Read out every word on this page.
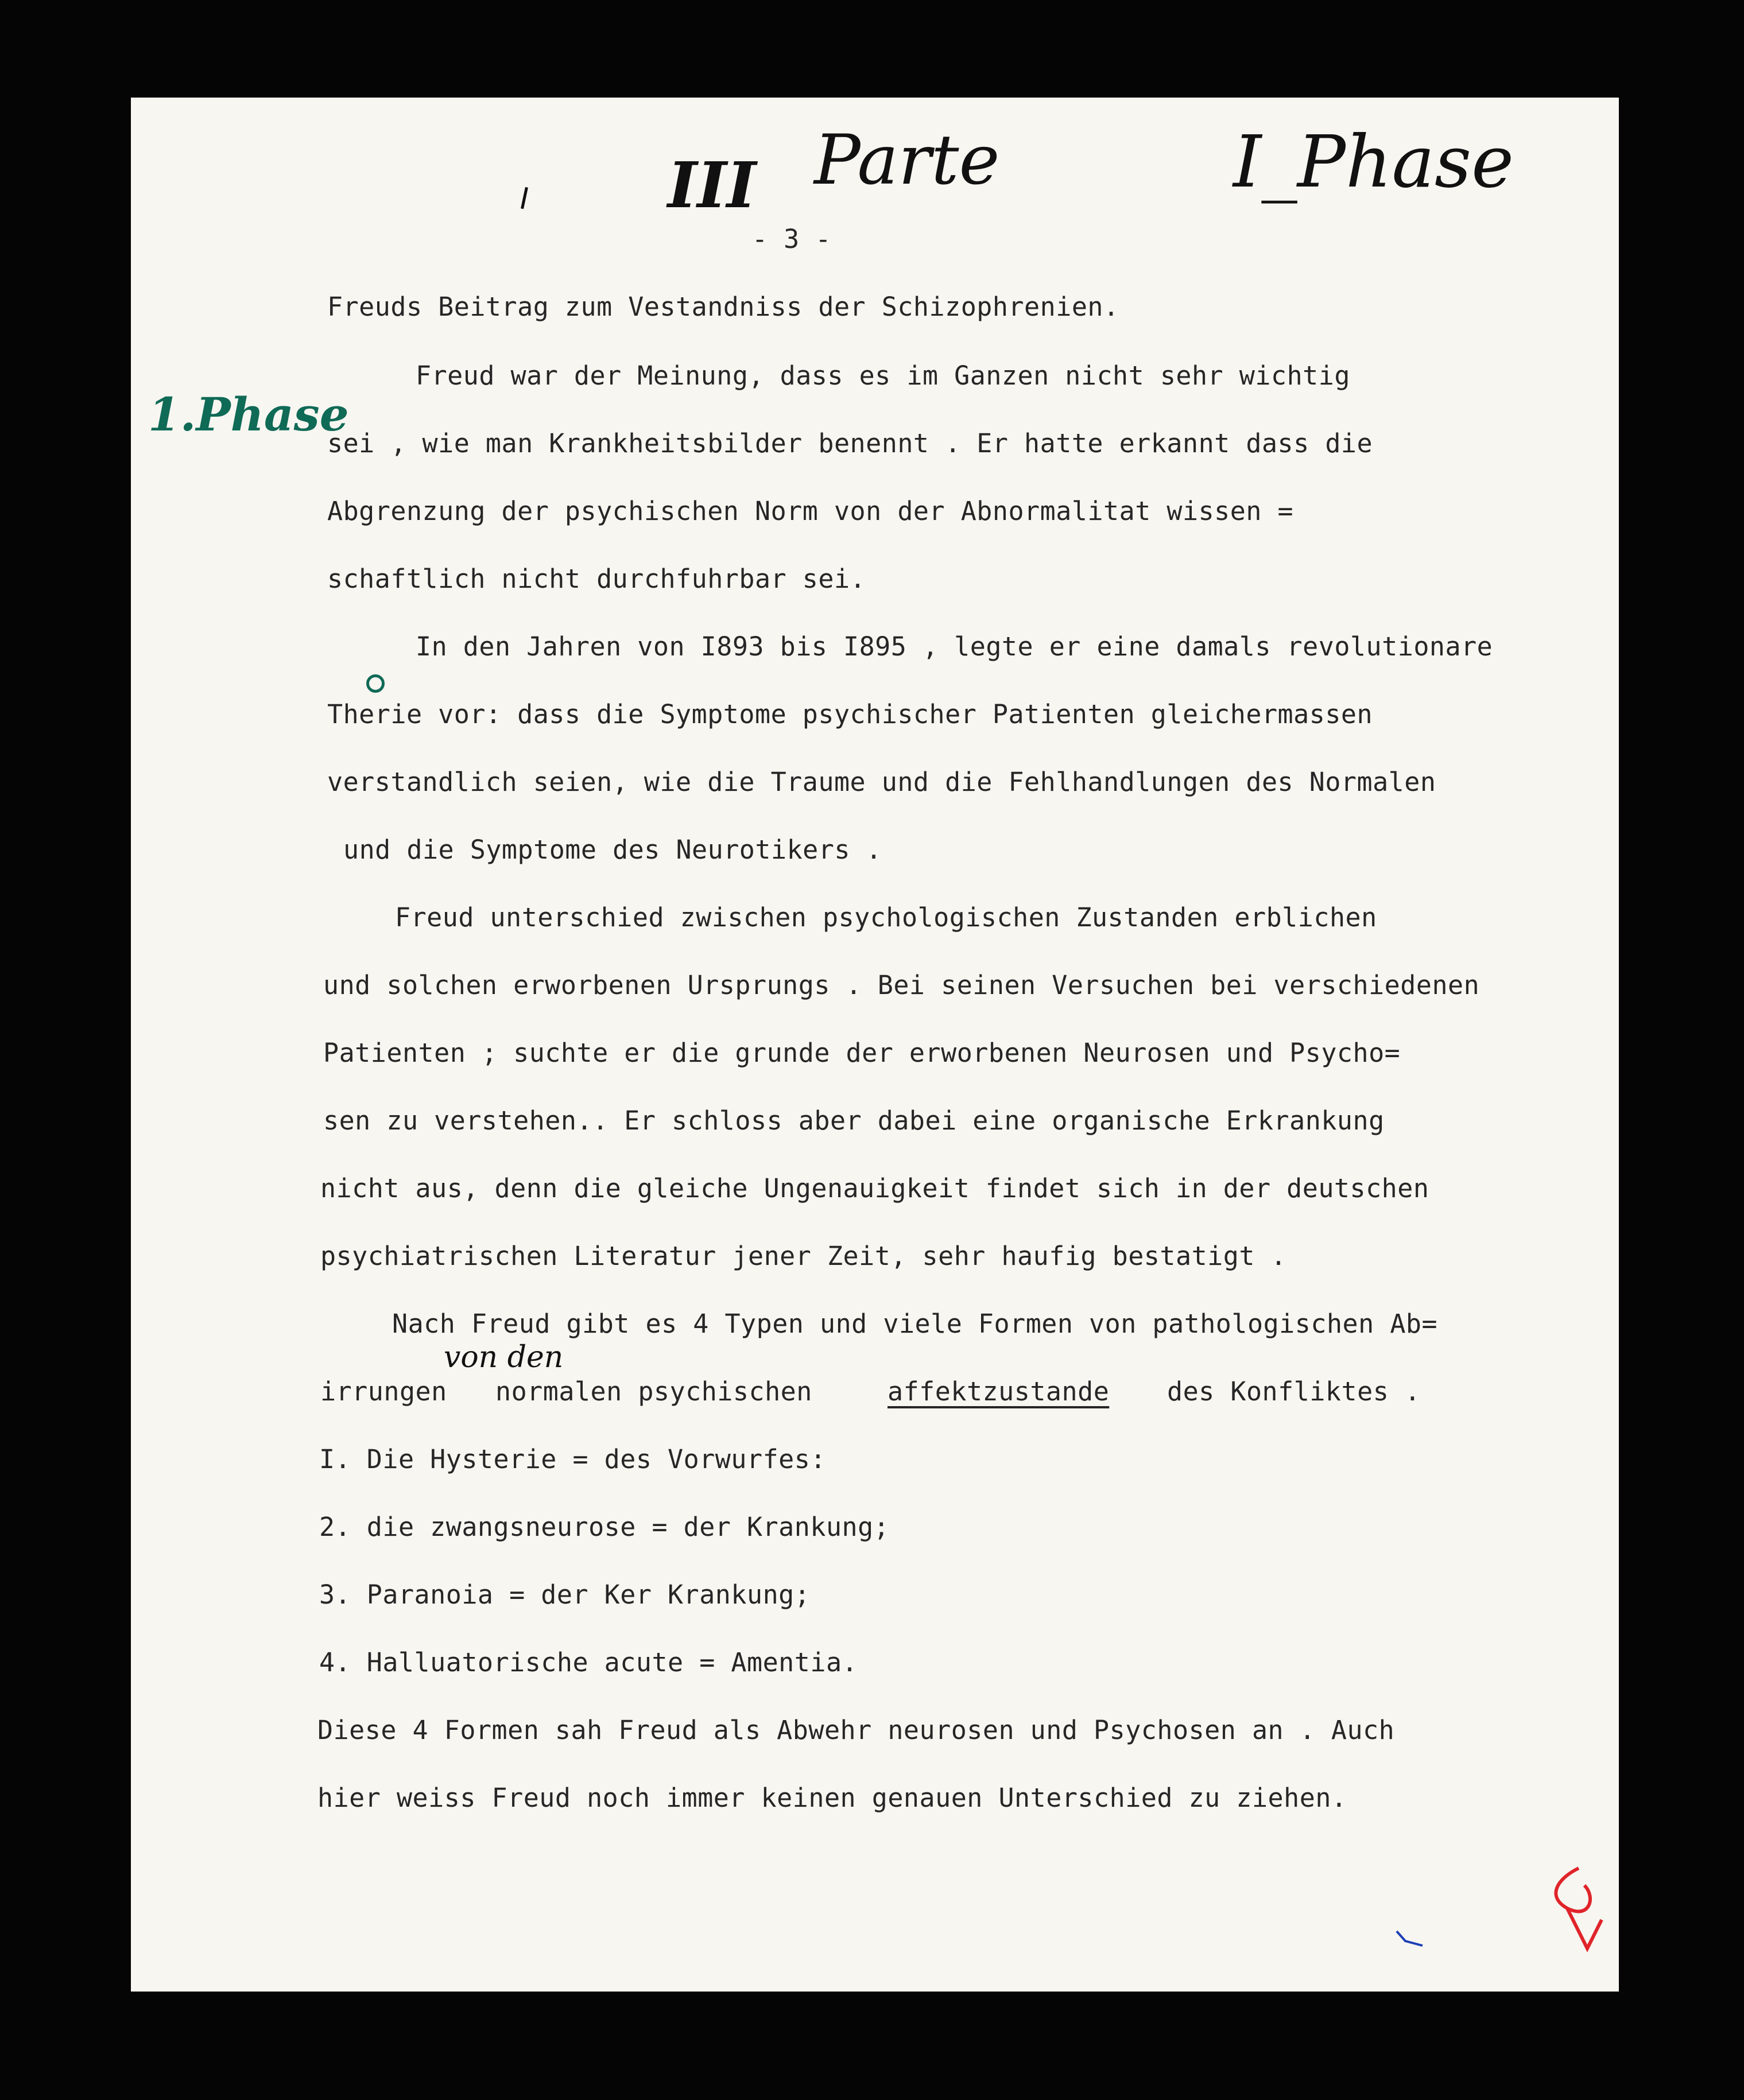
III Parte	I_Phase
1.Phase
von den
- 3 -
Freuds Beitrag zum Vestandniss der Schizophrenien.
Freud war der Meinung, dass es im Ganzen nicht sehr wichtig
sei , wie man Krankheitsbilder benennt . Er hatte erkannt dass die
Abgrenzung der psychischen Norm von der Abnormalitat wissen =
schaftlich nicht durchfuhrbar sei.
In den Jahren von I893 bis I895 , legte er eine damals revolutionare
Therie vor: dass die Symptome psychischer Patienten gleichermassen
verstandlich seien, wie die Traume und die Fehlhandlungen des Normalen
und die Symptome des Neurotikers .
Freud unterschied zwischen psychologischen Zustanden erblichen
und solchen erworbenen Ursprungs . Bei seinen Versuchen bei verschiedenen
Patienten ; suchte er die grunde der erworbenen Neurosen und Psycho=
sen zu verstehen.. Er schloss aber dabei eine organische Erkrankung
nicht aus, denn die gleiche Ungenauigkeit findet sich in der deutschen
psychiatrischen Literatur jener Zeit, sehr haufig bestatigt .
Nach Freud gibt es 4 Typen und viele Formen von pathologischen Ab=
irrungen normalen psychischen	affektzustande des Konfliktes .
I. Die Hysterie = des Vorwurfes:
2. die zwangsneurose = der Krankung;
3. Paranoia = der Ker Krankung;
4. Halluatorische acute = Amentia.
Diese 4 Formen sah Freud als Abwehr neurosen und Psychosen an . Auch
hier weiss Freud noch immer keinen genauen Unterschied zu ziehen.
